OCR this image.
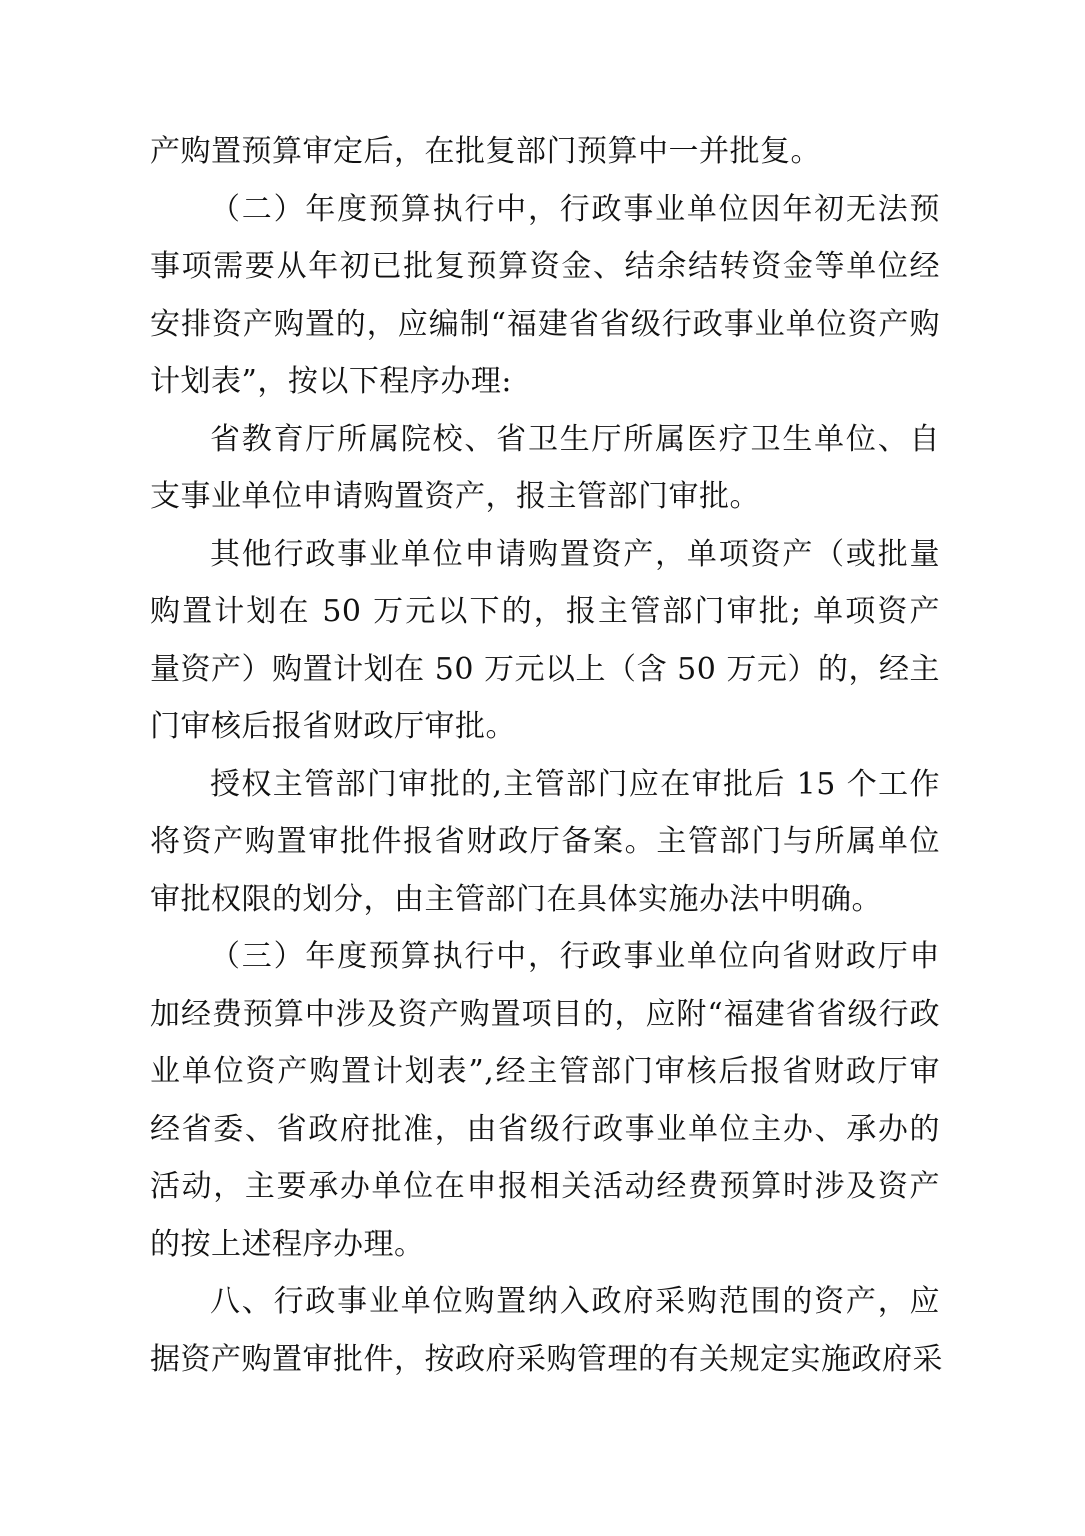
产购置预算审定后，在批复部门预算中一并批复。
（二）年度预算执行中，行政事业单位因年初无法预
事项需要从年初已批复预算资金、结余结转资金等单位经
安排资产购置的，应编制“福建省省级行政事业单位资产购
计划表”，按以下程序办理:
省教育厅所属院校、省卫生厅所属医疗卫生单位、自
支事业单位申请购置资产，报主管部门审批。
其他行政事业单位申请购置资产，单项资产（或批量
购置计划在 50 万元以下的，报主管部门审批; 单项资产
量资产）购置计划在 50 万元以上（含 50 万元）的，经主
门审核后报省财政厅审批。
授权主管部门审批的,主管部门应在审批后 15 个工作
将资产购置审批件报省财政厅备案。主管部门与所属单位
审批权限的划分，由主管部门在具体实施办法中明确。
（三）年度预算执行中，行政事业单位向省财政厅申
加经费预算中涉及资产购置项目的，应附“福建省省级行政
业单位资产购置计划表”,经主管部门审核后报省财政厅审
经省委、省政府批准，由省级行政事业单位主办、承办的
活动，主要承办单位在申报相关活动经费预算时涉及资产
的按上述程序办理。
八、行政事业单位购置纳入政府采购范围的资产，应
据资产购置审批件，按政府采购管理的有关规定实施政府采
